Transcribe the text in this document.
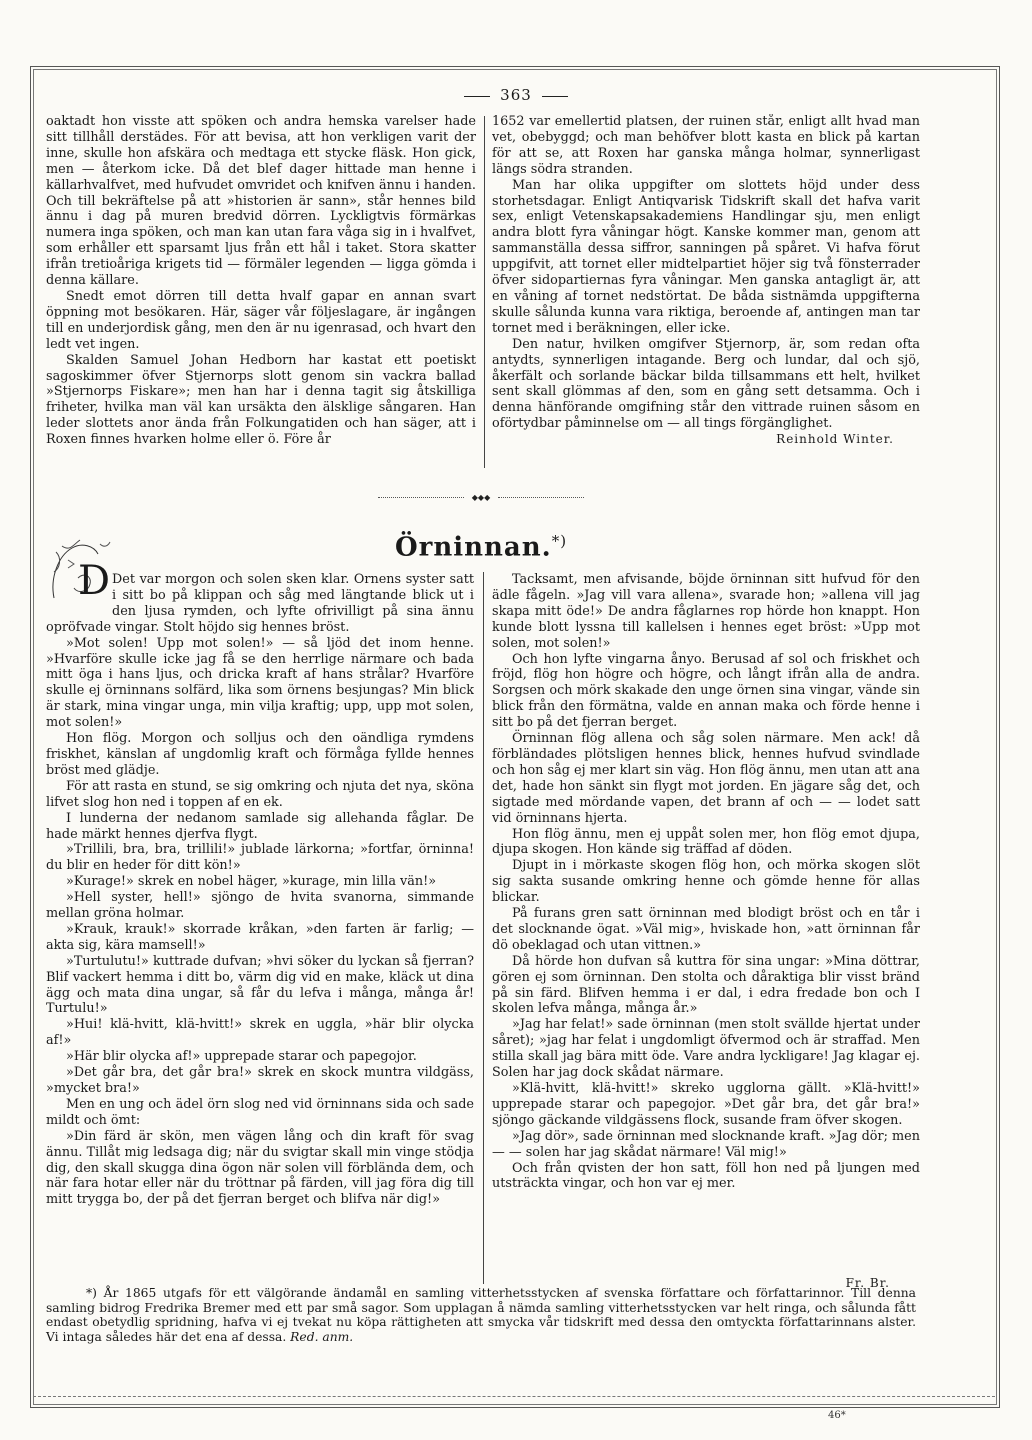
363

oaktadt hon visste att spöken och andra hemska varelser hade sitt tillhåll derstädes. För att bevisa, att hon verkligen varit der inne, skulle hon afskära och medtaga ett stycke fläsk. Hon gick, men — återkom icke. Då det blef dager hittade man henne i källarhvalfvet, med hufvudet omvridet och knifven ännu i handen. Och till bekräftelse på att »historien är sann», står hennes bild ännu i dag på muren bredvid dörren. Lyckligtvis förmärkas numera inga spöken, och man kan utan fara våga sig in i hvalfvet, som erhåller ett sparsamt ljus från ett hål i taket. Stora skatter ifrån tretioåriga krigets tid — förmäler legenden — ligga gömda i denna källare.

Snedt emot dörren till detta hvalf gapar en annan svart öppning mot besökaren. Här, säger vår följeslagare, är ingången till en underjordisk gång, men den är nu igenrasad, och hvart den ledt vet ingen.

Skalden Samuel Johan Hedborn har kastat ett poetiskt sagoskimmer öfver Stjernorps slott genom sin vackra ballad »Stjernorps Fiskare»; men han har i denna tagit sig åtskilliga friheter, hvilka man väl kan ursäkta den älsklige sångaren. Han leder slottets anor ända från Folkungatiden och han säger, att i Roxen finnes hvarken holme eller ö. Före år

1652 var emellertid platsen, der ruinen står, enligt allt hvad man vet, obebyggd; och man behöfver blott kasta en blick på kartan för att se, att Roxen har ganska många holmar, synnerligast längs södra stranden.

Man har olika uppgifter om slottets höjd under dess storhetsdagar. Enligt Antiqvarisk Tidskrift skall det hafva varit sex, enligt Vetenskapsakademiens Handlingar sju, men enligt andra blott fyra våningar högt. Kanske kommer man, genom att sammanställa dessa siffror, sanningen på spåret. Vi hafva förut uppgifvit, att tornet eller midtelpartiet höjer sig två fönsterrader öfver sidopartiernas fyra våningar. Men ganska antagligt är, att en våning af tornet nedstörtat. De båda sistnämda uppgifterna skulle sålunda kunna vara riktiga, beroende af, antingen man tar tornet med i beräkningen, eller icke.

Den natur, hvilken omgifver Stjernorp, är, som redan ofta antydts, synnerligen intagande. Berg och lundar, dal och sjö, åkerfält och sorlande bäckar bilda tillsammans ett helt, hvilket sent skall glömmas af den, som en gång sett detsamma. Och i denna hänförande omgifning står den vittrade ruinen såsom en oförtydbar påminnelse om — all tings förgänglighet.

Reinhold Winter.

◆◆◆
Örninnan.*)
D Det var morgon och solen sken klar. Örnens syster satt i sitt bo på klippan och såg med längtande blick ut i den ljusa rymden, och lyfte ofrivilligt på sina ännu opröfvade vingar. Stolt höjdo sig hennes bröst.

»Mot solen! Upp mot solen!» — så ljöd det inom henne. »Hvarföre skulle icke jag få se den herrlige närmare och bada mitt öga i hans ljus, och dricka kraft af hans strålar? Hvarföre skulle ej örninnans solfärd, lika som örnens besjungas? Min blick är stark, mina vingar unga, min vilja kraftig; upp, upp mot solen, mot solen!»

Hon flög. Morgon och solljus och den oändliga rymdens friskhet, känslan af ungdomlig kraft och förmåga fyllde hennes bröst med glädje.

För att rasta en stund, se sig omkring och njuta det nya, sköna lifvet slog hon ned i toppen af en ek.

I lunderna der nedanom samlade sig allehanda fåglar. De hade märkt hennes djerfva flygt.

»Trillili, bra, bra, trillili!» jublade lärkorna; »fortfar, örninna! du blir en heder för ditt kön!»

»Kurage!» skrek en nobel häger, »kurage, min lilla vän!»

»Hell syster, hell!» sjöngo de hvita svanorna, simmande mellan gröna holmar.

»Krauk, krauk!» skorrade kråkan, »den farten är farlig; — akta sig, kära mamsell!»

»Turtulutu!» kuttrade dufvan; »hvi söker du lyckan så fjerran? Blif vackert hemma i ditt bo, värm dig vid en make, kläck ut dina ägg och mata dina ungar, så får du lefva i många, många år! Turtulu!»

»Hui! klä-hvitt, klä-hvitt!» skrek en uggla, »här blir olycka af!»

»Här blir olycka af!» upprepade starar och papegojor.

»Det går bra, det går bra!» skrek en skock muntra vildgäss, »mycket bra!»

Men en ung och ädel örn slog ned vid örninnans sida och sade mildt och ömt:

»Din färd är skön, men vägen lång och din kraft för svag ännu. Tillåt mig ledsaga dig; när du svigtar skall min vinge stödja dig, den skall skugga dina ögon när solen vill förblända dem, och när fara hotar eller när du tröttnar på färden, vill jag föra dig till mitt trygga bo, der på det fjerran berget och blifva när dig!»

Tacksamt, men afvisande, böjde örninnan sitt hufvud för den ädle fågeln. »Jag vill vara allena», svarade hon; »allena vill jag skapa mitt öde!» De andra fåglarnes rop hörde hon knappt. Hon kunde blott lyssna till kallelsen i hennes eget bröst: »Upp mot solen, mot solen!»

Och hon lyfte vingarna ånyo. Berusad af sol och friskhet och fröjd, flög hon högre och högre, och långt ifrån alla de andra. Sorgsen och mörk skakade den unge örnen sina vingar, vände sin blick från den förmätna, valde en annan maka och förde henne i sitt bo på det fjerran berget.

Örninnan flög allena och såg solen närmare. Men ack! då förbländades plötsligen hennes blick, hennes hufvud svindlade och hon såg ej mer klart sin väg. Hon flög ännu, men utan att ana det, hade hon sänkt sin flygt mot jorden. En jägare såg det, och sigtade med mördande vapen, det brann af och — — lodet satt vid örninnans hjerta.

Hon flög ännu, men ej uppåt solen mer, hon flög emot djupa, djupa skogen. Hon kände sig träffad af döden.

Djupt in i mörkaste skogen flög hon, och mörka skogen slöt sig sakta susande omkring henne och gömde henne för allas blickar.

På furans gren satt örninnan med blodigt bröst och en tår i det slocknande ögat. »Väl mig», hviskade hon, »att örninnan får dö obeklagad och utan vittnen.»

Då hörde hon dufvan så kuttra för sina ungar: »Mina döttrar, gören ej som örninnan. Den stolta och dåraktiga blir visst bränd på sin färd. Blifven hemma i er dal, i edra fredade bon och I skolen lefva många, många år.»

»Jag har felat!» sade örninnan (men stolt svällde hjertat under såret); »jag har felat i ungdomligt öfvermod och är straffad. Men stilla skall jag bära mitt öde. Vare andra lyckligare! Jag klagar ej. Solen har jag dock skådat närmare.

»Klä-hvitt, klä-hvitt!» skreko ugglorna gällt. »Klä-hvitt!» upprepade starar och papegojor. »Det går bra, det går bra!» sjöngo gäckande vildgässens flock, susande fram öfver skogen.

»Jag dör», sade örninnan med slocknande kraft. »Jag dör; men — — solen har jag skådat närmare! Väl mig!»

Och från qvisten der hon satt, föll hon ned på ljungen med utsträckta vingar, och hon var ej mer.

Fr. Br.

*) År 1865 utgafs för ett välgörande ändamål en samling vitterhetsstycken af svenska författare och författarinnor. Till denna samling bidrog Fredrika Bremer med ett par små sagor. Som upplagan å nämda samling vitterhetsstycken var helt ringa, och sålunda fått endast obetydlig spridning, hafva vi ej tvekat nu köpa rättigheten att smycka vår tidskrift med dessa den omtyckta författarinnans alster. Vi intaga således här det ena af dessa. Red. anm.

46*
